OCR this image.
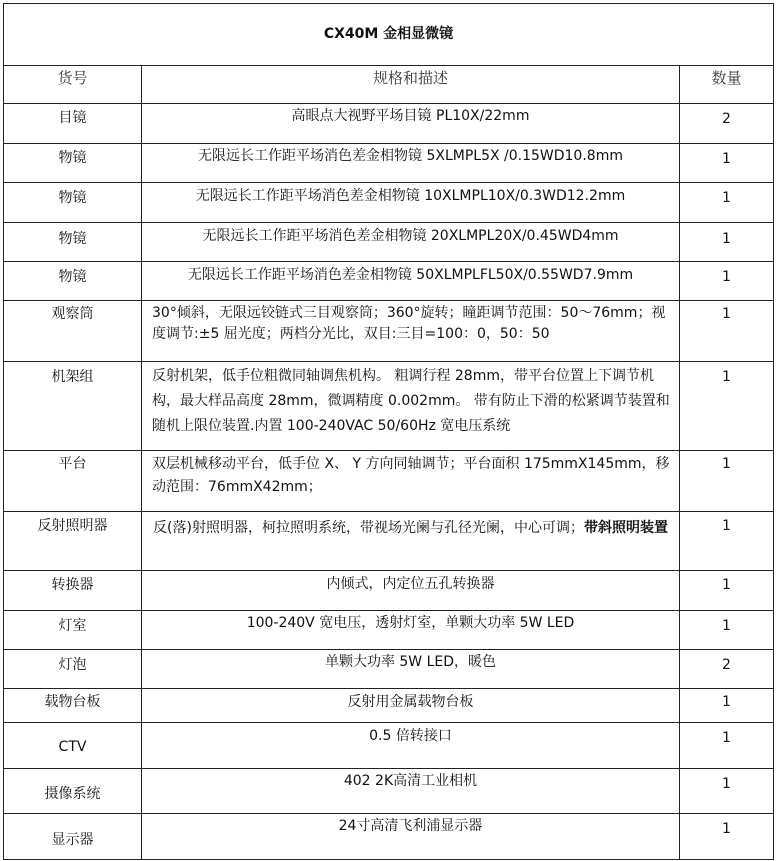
CX40M 金相显微镜		
货号	规格和描述	数量
目镜	高眼点大视野平场目镜 PL10X/22mm	2
物镜	无限远长工作距平场消色差金相物镜 5XLMPL5X /0.15WD10.8mm	1
物镜	无限远长工作距平场消色差金相物镜 10XLMPL10X/0.3WD12.2mm	1
物镜	无限远长工作距平场消色差金相物镜 20XLMPL20X/0.45WD4mm	1
物镜	无限远长工作距平场消色差金相物镜 50XLMPLFL50X/0.55WD7.9mm	1
观察筒	30°倾斜，无限远铰链式三目观察筒；360°旋转；瞳距调节范围：50～76mm；视度调节:±5 屈光度；两档分光比，双目:三目=100：0，50：50	1
机架组	反射机架，低手位粗微同轴调焦机构。 粗调行程 28mm，带平台位置上下调节机构，最大样品高度 28mm，微调精度 0.002mm。 带有防止下滑的松紧调节装置和随机上限位装置.内置 100-240VAC 50/60Hz 宽电压系统	1
平台	双层机械移动平台，低手位 X、 Y 方向同轴调节；平台面积 175mmX145mm，移动范围：76mmX42mm；	1
反射照明器	反(落)射照明器，柯拉照明系统，带视场光阑与孔径光阑，中心可调；带斜照明装置	1
转换器	内倾式，内定位五孔转换器	1
灯室	100-240V 宽电压，透射灯室，单颗大功率 5W LED	1
灯泡	单颗大功率 5W LED，暖色	2
载物台板	反射用金属载物台板	1
CTV	0.5 倍转接口	1
摄像系统	402 2K高清工业相机	1
显示器	24寸高清飞利浦显示器	1
